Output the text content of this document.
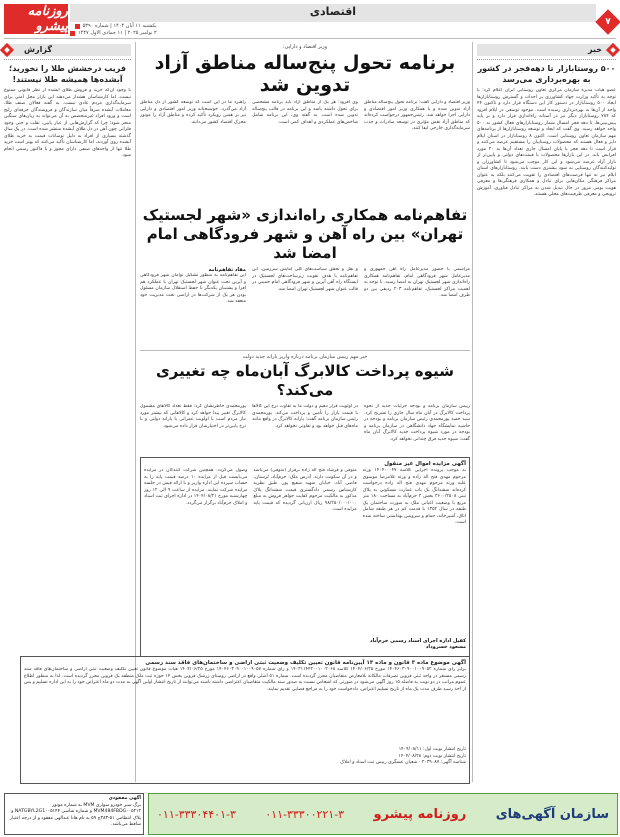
روزنامه پیشرو
اقتصادی
یکشنبه ۱۱ آبان ۱۴۰۴ | شماره ۵۳۹۰
۲ نوامبر ۲۰۲۵ | ۱۱ جمادی الاول ۱۴۴۷
۷
خبر
۵۰۰ روستابازار تا دهه‌فجر در کشور به بهره‌برداری می‌رسد
عضو هیات مدیره سازمان مرکزی تعاون روستایی ایران اعلام کرد: با توجه به تأکید وزارت جهاد کشاورزی بر احداث و گسترش روستابازارها ایجاد ۵۰۰ روستابازار در دستور کار این دستگاه قرار دارد و تاکنون ۴۴ واحد از آن‌ها به بهره‌برداری رسیده است. موجود توسعی در ایلام افزود که ۷۸۴ روستابازار دیگر نیز در آستانه راه‌اندازی قرار دارد و بر پایه پیش‌بینی‌ها، تا دهه فجر امسال شمار روستابازارهای فعال کشور به ۵۰۰ واحد خواهد رسید. وی گفت که ایجاد و توسعه روستابازارها از برنامه‌های مهم سازمان تعاون روستایی است. اکنون ۸ روستابازار در استان ایلام دایر و فعال هستند که محصولات روستاییان را مستقیم عرضه می‌کنند و قرار است تا دهه فجر با پایان امسال جاری تعداد آن‌ها به ۲۰ مورد افزایش یابد. در این بازارها محصولات با قیمت‌های دولتی و پایین‌تر از بازار آزاد عرضه می‌شود و این کار موجب می‌شود تا کشاورزان و تولیدکنندگان روستایی به سود بیشتری دست یابند. روستابازارهای استان ایلام نیز نه تنها فرصت‌های اقتصادی را تقویت می‌کنند بلکه به عنوان مراکز فرهنگی مکان‌هایی برای تبادل و همکاری فرهنگی‌ها و معرفی هویت بومی مرور در حال تبدیل شدن به مراکز تبادل فناوری، آموزش ترویجی و معرفی ظرفیت‌های محلی هستند.
گزارش
فریب درخشش طلا را نخورید؛ آبشده‌ها همیشه طلا نیستند!
با وجود آن‌که خرید و فروش طلای آبشده از نظر قانونی ممنوع نیست، اما کارشناسان هشدار می‌دهند این بازار محل امنی برای سرمایه‌گذاری مردم عادی نیست. به گفته فعالان صنف طلا، معاملات آبشده صرفاً میان سازندگان و فروشندگان حرفه‌ای رایج است و ورود افراد غیرمتخصص به آن می‌تواند به زیان‌های سنگین منجر شود؛ چرا که گزارش‌هایی از عیار پایین، تقلب و حتی وجود فلزاتی چون آهن در دل طلای آبشده منتشر شده است. در یک سال گذشته بسیاری از افراد به دلیل نوسانات قیمت به خرید طلای آبشده روی آوردند، اما کارشناسان تأکید می‌کنند که بهتر است خرید طلا تنها از واحدهای صنفی دارای مجوز و با فاکتور رسمی انجام شود.
وزیر اقتصاد و دارایی:
برنامه تحول پنج‌ساله مناطق آزاد تدوین شد
وزیر اقتصاد و دارایی گفت: برنامه تحول پنج‌ساله مناطق آزاد تدوین شده و با همکاری وزیر امور اقتصادی و دارایی اجرا خواهد شد. رئیس‌جمهور درخواست کرده‌اند که مناطق آزاد نقش مؤثری در توسعه صادرات و جذب سرمایه‌گذاری خارجی ایفا کنند.
وی افزود: هر یک از مناطق آزاد باید برنامه مشخصی برای تحول داشته باشد و این برنامه در قالب پنج‌ساله تدوین شده است. به گفته وی، این برنامه شامل شاخص‌های عملکردی و اهداف کمی است.
راهبرد ما در این است که توسعه کشور از دل مناطق آزاد می‌گذرد. خوشبختانه وزیر امور اقتصادی و دارایی نیز بر همین رویکرد تأکید کرده و مناطق آزاد را موتور محرک اقتصاد کشور می‌دانند.
تفاهم‌نامه همکاری راه‌اندازی «شهر لجستیک تهران» بین راه آهن و شهر فرودگاهی امام امضا شد
مراسمی با حضور مدیرعامل راه آهن جمهوری و مدیرعامل شهر فرودگاهی امام، تفاهم‌نامه همکاری راه‌اندازی شهر لجستیک تهران به امضا رسید. با توجه به اهمیت مراکز لجستیک، تفاهم‌نامه ۲۰۳ ردیفی بین دو طرف امضا شد.
و نقل و تحقق سیاست‌های کلی آمایش سرزمین، این تفاهم‌نامه با هدف تقویت زیرساخت‌های لجستیک در ایستگاه راه آهن آپرین و شهر فرودگاهی امام خمینی در قالب عنوان شهر لجستیک تهران امضا شد.
مفاد تفاهم‌نامه
این تفاهم‌نامه به منظور تشکیل توأمان شهر فرودگاهی و آپرین تحت عنوان شهر لجستیک تهران با عملکرد هم افزا و پشتیبان یکدیگر با حفظ استقلال سازمان مسئول بودن هر یک از شرکت‌ها در اراضی تحت مدیریت خود منعقد شد.
خبر مهم رییس سازمان برنامه درباره واریز یارانه جدید دولت
شیوه پرداخت کالابرگ آبان‌ماه چه تغییری می‌کند؟
رییس سازمان برنامه و بودجه جزئیات جدید از نحوه پرداخت کالابرگ در آبان ماه سال جاری را تشریح کرد. سید حمید پورمحمدی رئیس سازمان برنامه و بودجه در حاشیه نمایشگاه جهاد دانشگاهی در سازمان برنامه و بودجه در مورد شیوه پرداخت جدید کالابرگ آبان ماه گفت: شیوه جدید فرق چندانی نخواهد کرد.
در اولویت قرار دهیم و دولت ما به تفاوت نرخ این کالاها با قیمت بازار را تأمین و پرداخت می‌کند. پورمحمدی رئیس سازمان برنامه گفت: یارانه کالابرگ در واقع مانند ماه‌های قبل خواهد بود و تفاوتی نخواهد کرد.
پورمحمدی خاطرنشان کرد: فقط تعداد کالاهای مشمول کالابرگ تغییر پیدا خواهد کرد و کالاهایی که بیشتر مورد نیاز مردم است با اولویت عمرانی یا یارانه دولتی و با نرخ پایین‌تر در اختیارشان قرار داده می‌شود.
آگهی مزایده اموال غیر منقول
به موجب پرونده اجرایی کلاسه ۱۴۰۴۰۰۰۴۷ ورثه مرحوم مهدی فتح اله زاده و ورثه غلامرضا موسوی علیه ورثه مرحوم مهدی فتح اله زاده درخواست کرده‌اند ششدانگ یک باب عمارت مسکونی به پلاک ثبتی ۳۶۰۰/۲۵۰۸ بخش ۲ خرم‌آباد به مساحت ۱۸۰ متر مربع با وضعیت اعیانی ملک به صورت ساختمان یک طبقه در سال ۱۳۵۲ با قدمت کم در هر طبقه شامل اتاق، آشپزخانه، حمام و سرویس بهداشتی ساخته شده است.
متوفی و فرشاد فتح اله زاده برقرار (متوفی) می‌باشد و در آن سکونت دارند. آدرس ملک: خرم‌آباد، لرستان، قاضی آباد، خیابان شهید شفیع پور. طبق نظریه کارشناس رسمی دادگستری قیمت ششدانگ پلاک مذکور به مالکیت مرحوم کفایت جواهر فروش به مبلغ ۹۸/۲۵۰/۰۰۰/۰۰۰ ریال ارزیابی گردیده که قیمت پایه مزایده است.
وصول می‌گردد. همچنین شرکت کنندگان در مزایده می‌بایست قبل از مزایده ۱۰ درصد قیمت پایه را به حساب سپرده این اداره واریز و با ارائه فیش در جلسه مزایده شرکت نمایند. مزایده از ساعت ۹ الی ۱۲ روز چهارشنبه مورخ ۱۴۰۴/۰۸/۲۱ در اداره اجرای ثبت اسناد و املاک خرم‌آباد برگزار می‌گردد.
کفیل اداره اجرای اسناد رسمی خرم‌آباد
مسعود خسروداد
آگهی موضوع ماده ۳ قانون و ماده ۱۳ آیین‌نامه قانون تعیین تکلیف وضعیت ثبتی اراضی و ساختمان‌های فاقد سند رسمی
برابر رأی شماره ۱۴۰۴۶۰۳۰۹۰۰۱۰۰۹۰۵۲ مورخ ۱۴۰۴/۰۶/۲۵ کلاسه ۱۴۰۳۱۱۴۴۲۰۰۱۰۰۲۰۶۸ و رأی شماره ۱۴۰۴۶۰۳۰۹۰۰۱۰۰۹۰۵۷ مورخ ۱۴۰۴/۰۶/۲۵ هیات موضوع قانون تعیین تکلیف وضعیت ثبتی اراضی و ساختمان‌های فاقد سند رسمی مستقر در واحد ثبتی قزوین تصرفات مالکانه بلامعارض متقاضیان محرز گردیده است. شماره ۵۱ اصلی واقع در اراضی روستای زرشک قزوین بخش ۱۴ حوزه ثبت ملک منطقه یک قزوین محرز گردیده است. لذا به منظور اطلاع عموم مراتب در دو نوبت به فاصله ۱۵ روز آگهی می‌شود در صورتی که اشخاص نسبت به صدور سند مالکیت متقاضیان اعتراضی داشته باشند می‌توانند از تاریخ انتشار اولین آگهی به مدت دو ماه اعتراض خود را به این اداره تسلیم و پس از اخذ رسید ظرف مدت یک ماه از تاریخ تسلیم اعتراض، دادخواست خود را به مراجع قضایی تقدیم نمایند.
تاریخ انتشار نوبت اول: ۱۴۰۴/۰۸/۱۱
تاریخ انتشار نوبت دوم: ۱۴۰۴/۰۸/۲۸
شناسه آگهی: ۲۰۳۹۰۸۷ - شعبان عسگری رییس ثبت اسناد و املاک
آگهی مفقودی
برگ سبز خودرو سواری MVM به شماره موتور MVM484FBDG۰۰۵۲۱۲ و شماره شاسی NATGBYL2G1۰۰۵۱۴۴ و پلاک انتظامی ۵۱-۳۸۳ج ۵۹ به نام هانا عبدالهی مفقود و از درجه اعتبار ساقط می‌باشد.
سازمان آگهی‌های
روزنامه پیشرو
۰۱۱-۳۳۳۰۰۲۲۱-۳
۰۱۱-۳۳۳۰۴۴۰۱-۳
